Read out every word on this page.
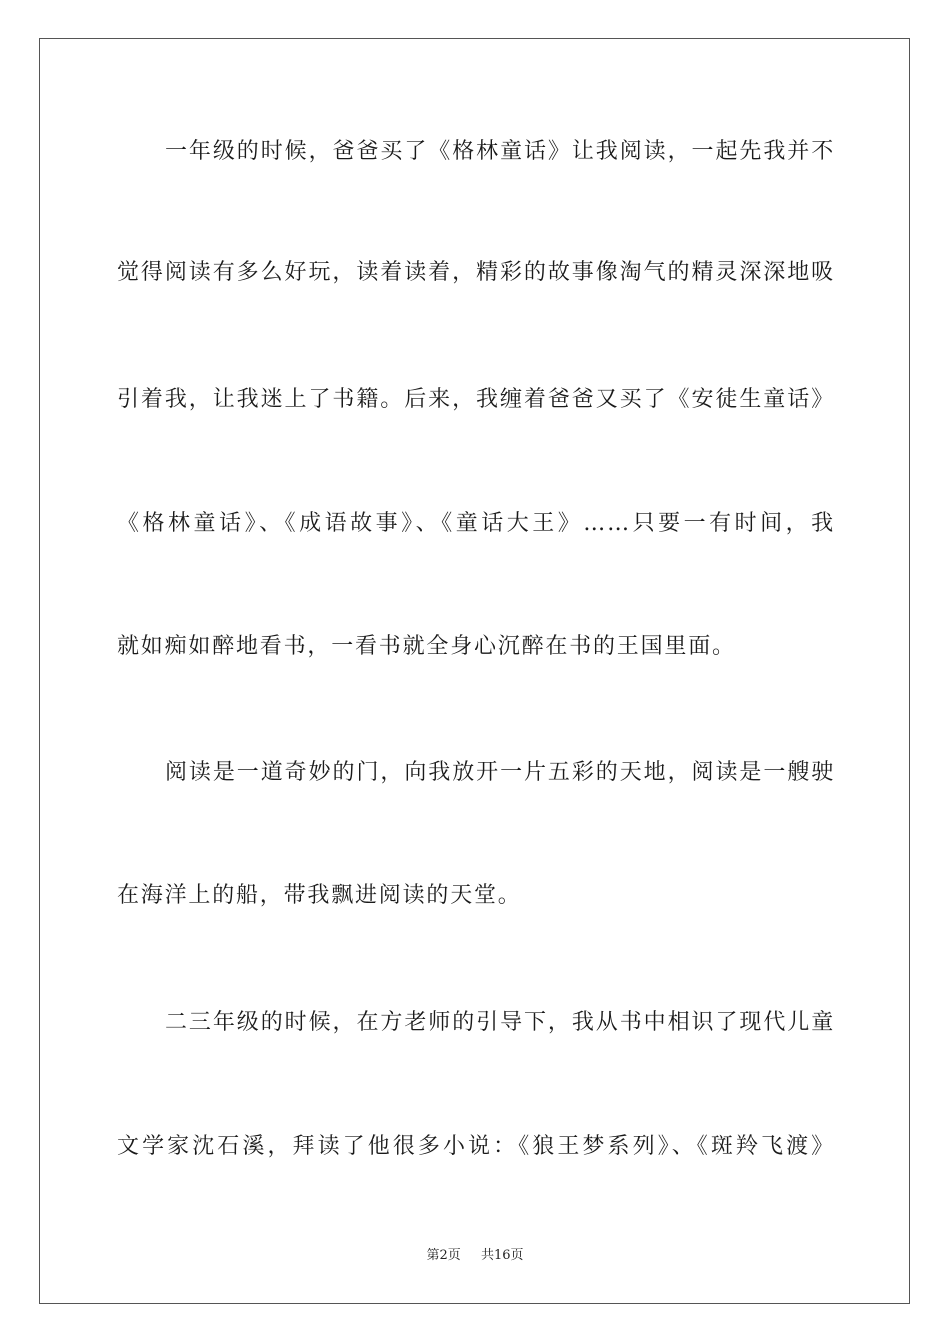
一年级的时候，爸爸买了《格林童话》让我阅读，一起先我并不
觉得阅读有多么好玩，读着读着，精彩的故事像淘气的精灵深深地吸
引着我，让我迷上了书籍。后来，我缠着爸爸又买了《安徒生童话》
《格林童话》、《成语故事》、《童话大王》……只要一有时间，我
就如痴如醉地看书，一看书就全身心沉醉在书的王国里面。
阅读是一道奇妙的门，向我放开一片五彩的天地，阅读是一艘驶
在海洋上的船，带我飘进阅读的天堂。
二三年级的时候，在方老师的引导下，我从书中相识了现代儿童
文学家沈石溪，拜读了他很多小说：《狼王梦系列》、《斑羚飞渡》
第2页 共16页
